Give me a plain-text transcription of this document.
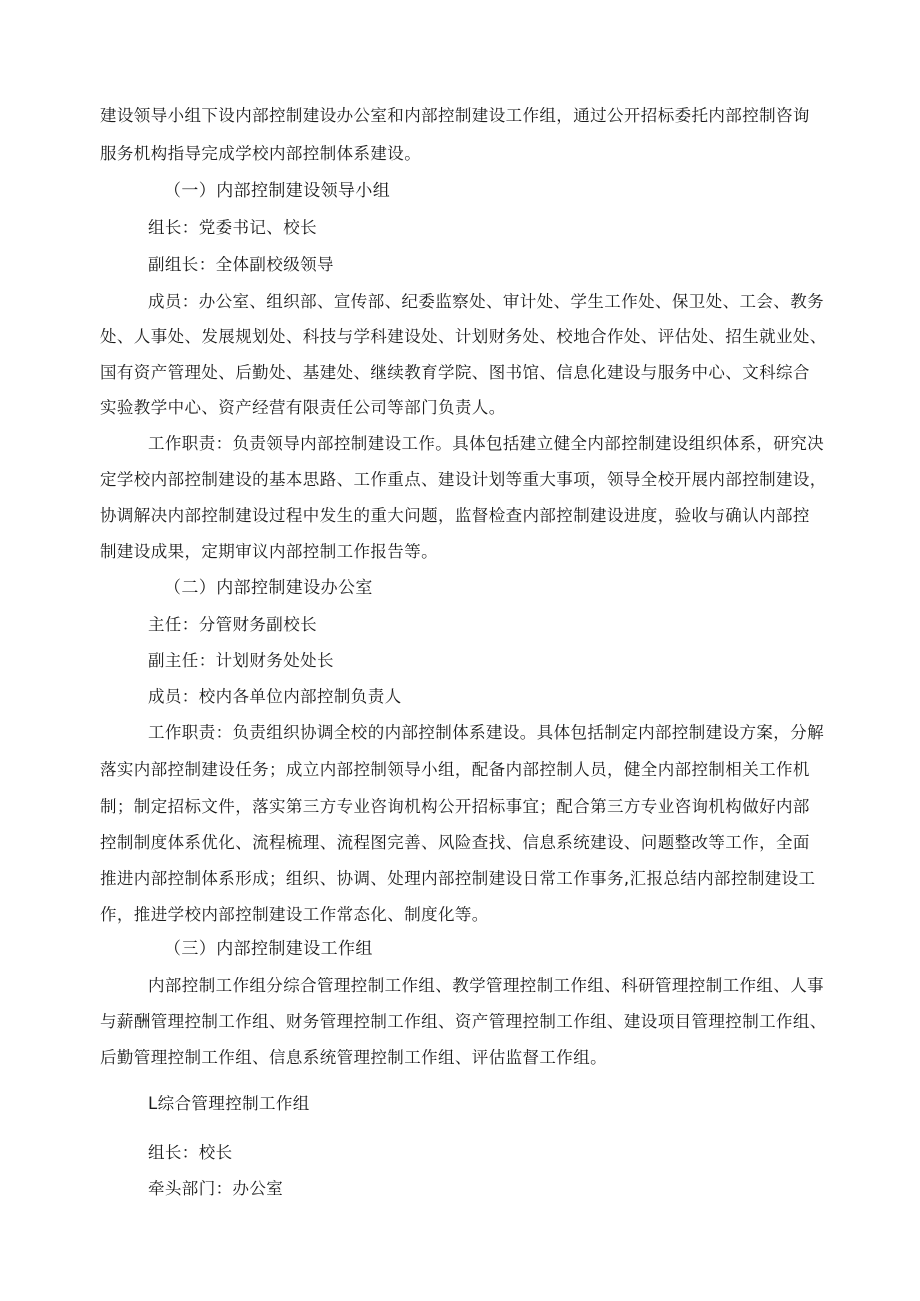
建设领导小组下设内部控制建设办公室和内部控制建设工作组，通过公开招标委托内部控制咨询
服务机构指导完成学校内部控制体系建设。
（一）内部控制建设领导小组
组长：党委书记、校长
副组长：全体副校级领导
成员：办公室、组织部、宣传部、纪委监察处、审计处、学生工作处、保卫处、工会、教务
处、人事处、发展规划处、科技与学科建设处、计划财务处、校地合作处、评估处、招生就业处、
国有资产管理处、后勤处、基建处、继续教育学院、图书馆、信息化建设与服务中心、文科综合
实验教学中心、资产经营有限责任公司等部门负责人。
工作职责：负责领导内部控制建设工作。具体包括建立健全内部控制建设组织体系，研究决
定学校内部控制建设的基本思路、工作重点、建设计划等重大事项，领导全校开展内部控制建设，
协调解决内部控制建设过程中发生的重大问题，监督检查内部控制建设进度，验收与确认内部控
制建设成果，定期审议内部控制工作报告等。
（二）内部控制建设办公室
主任：分管财务副校长
副主任：计划财务处处长
成员：校内各单位内部控制负责人
工作职责：负责组织协调全校的内部控制体系建设。具体包括制定内部控制建设方案，分解
落实内部控制建设任务；成立内部控制领导小组，配备内部控制人员，健全内部控制相关工作机
制；制定招标文件，落实第三方专业咨询机构公开招标事宜；配合第三方专业咨询机构做好内部
控制制度体系优化、流程梳理、流程图完善、风险查找、信息系统建设、问题整改等工作，全面
推进内部控制体系形成；组织、协调、处理内部控制建设日常工作事务,汇报总结内部控制建设工
作，推进学校内部控制建设工作常态化、制度化等。
（三）内部控制建设工作组
内部控制工作组分综合管理控制工作组、教学管理控制工作组、科研管理控制工作组、人事
与薪酬管理控制工作组、财务管理控制工作组、资产管理控制工作组、建设项目管理控制工作组、
后勤管理控制工作组、信息系统管理控制工作组、评估监督工作组。
L综合管理控制工作组
组长：校长
牵头部门：办公室
